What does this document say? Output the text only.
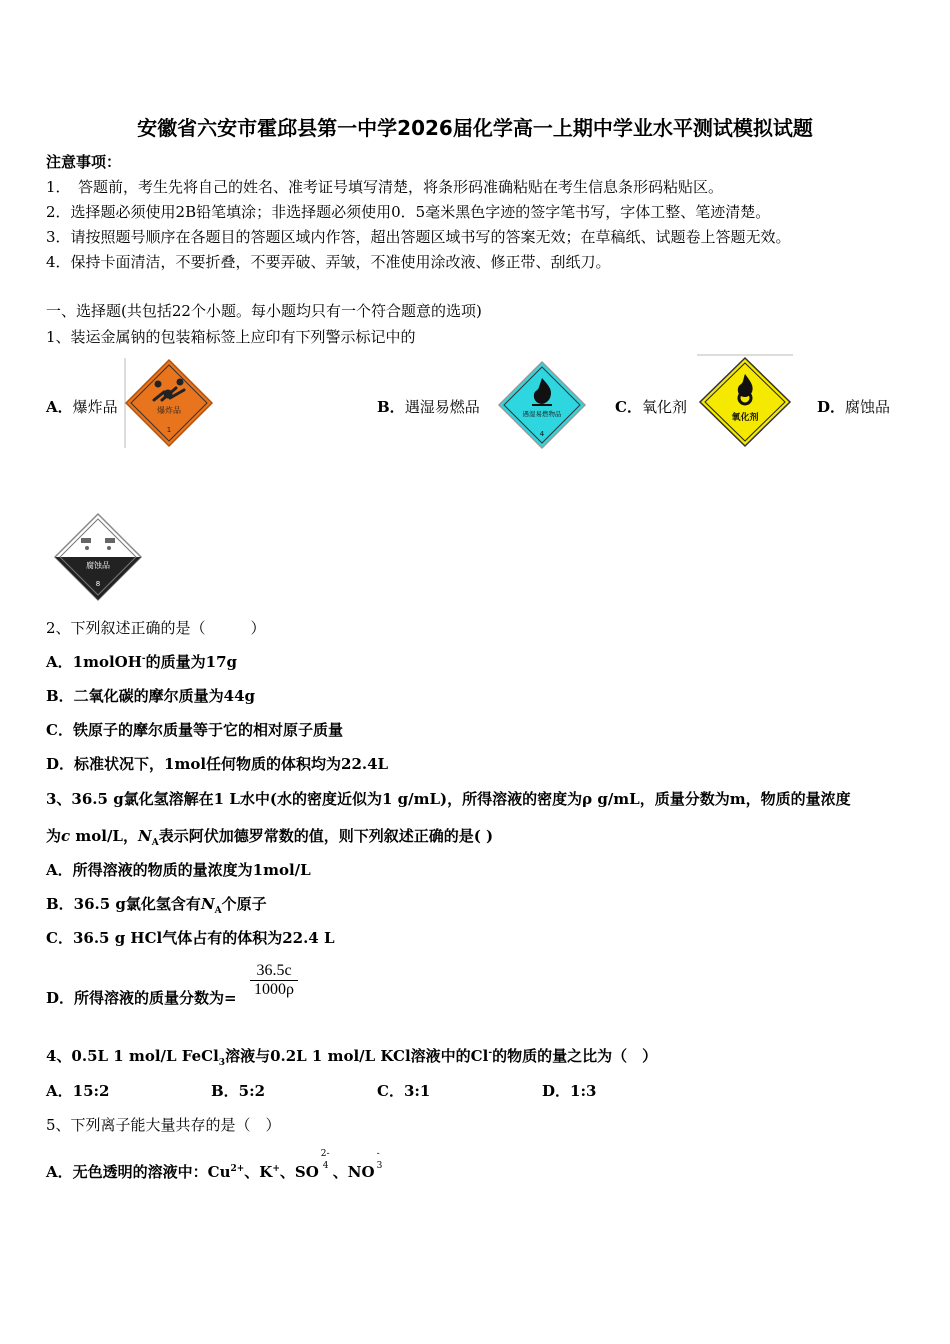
安徽省六安市霍邱县第一中学2026届化学高一上期中学业水平测试模拟试题
注意事项：
1．　答题前，考生先将自己的姓名、准考证号填写清楚，将条形码准确粘贴在考生信息条形码粘贴区。
2．选择题必须使用2B铅笔填涂；非选择题必须使用0．5毫米黑色字迹的签字笔书写，字体工整、笔迹清楚。
3．请按照题号顺序在各题目的答题区域内作答，超出答题区域书写的答案无效；在草稿纸、试题卷上答题无效。
4．保持卡面清洁，不要折叠，不要弄破、弄皱，不准使用涂改液、修正带、刮纸刀。
一、选择题(共包括22个小题。每小题均只有一个符合题意的选项)
1、装运金属钠的包装箱标签上应印有下列警示标记中的
A．爆炸品	爆炸品
1
B．遇湿易燃品	遇湿易燃物品
4
C．氧化剂
氧化剂
D．腐蚀品
腐蚀品
8
2、下列叙述正确的是（　　　）
A．1molOH-的质量为17g
B．二氧化碳的摩尔质量为44g
C．铁原子的摩尔质量等于它的相对原子质量
D．标准状况下，1mol任何物质的体积均为22.4L
3、36.5 g氯化氢溶解在1 L水中(水的密度近似为1 g/mL)，所得溶液的密度为ρ g/mL，质量分数为m，物质的量浓度
为c mol/L，$N_A$表示阿伏加德罗常数的值，则下列叙述正确的是( )
A．所得溶液的物质的量浓度为1mol/L
B．36.5 g氯化氢含有$N_A$个原子
C．36.5 g HCl气体占有的体积为22.4 L
D．所得溶液的质量分数为= $\frac{36.5c}{1000\rho}$
4、0.5L 1 mol/L FeCl$_3$溶液与0.2L 1 mol/L KCl溶液中的Cl-的物质的量之比为（　）
A．15:2	B．5:2	C．3:1	D．1:3
5、下列离子能大量共存的是（　）
A．无色透明的溶液中：$Cu^{2+}$、K+、SO
2-
4 、NO
-
3
